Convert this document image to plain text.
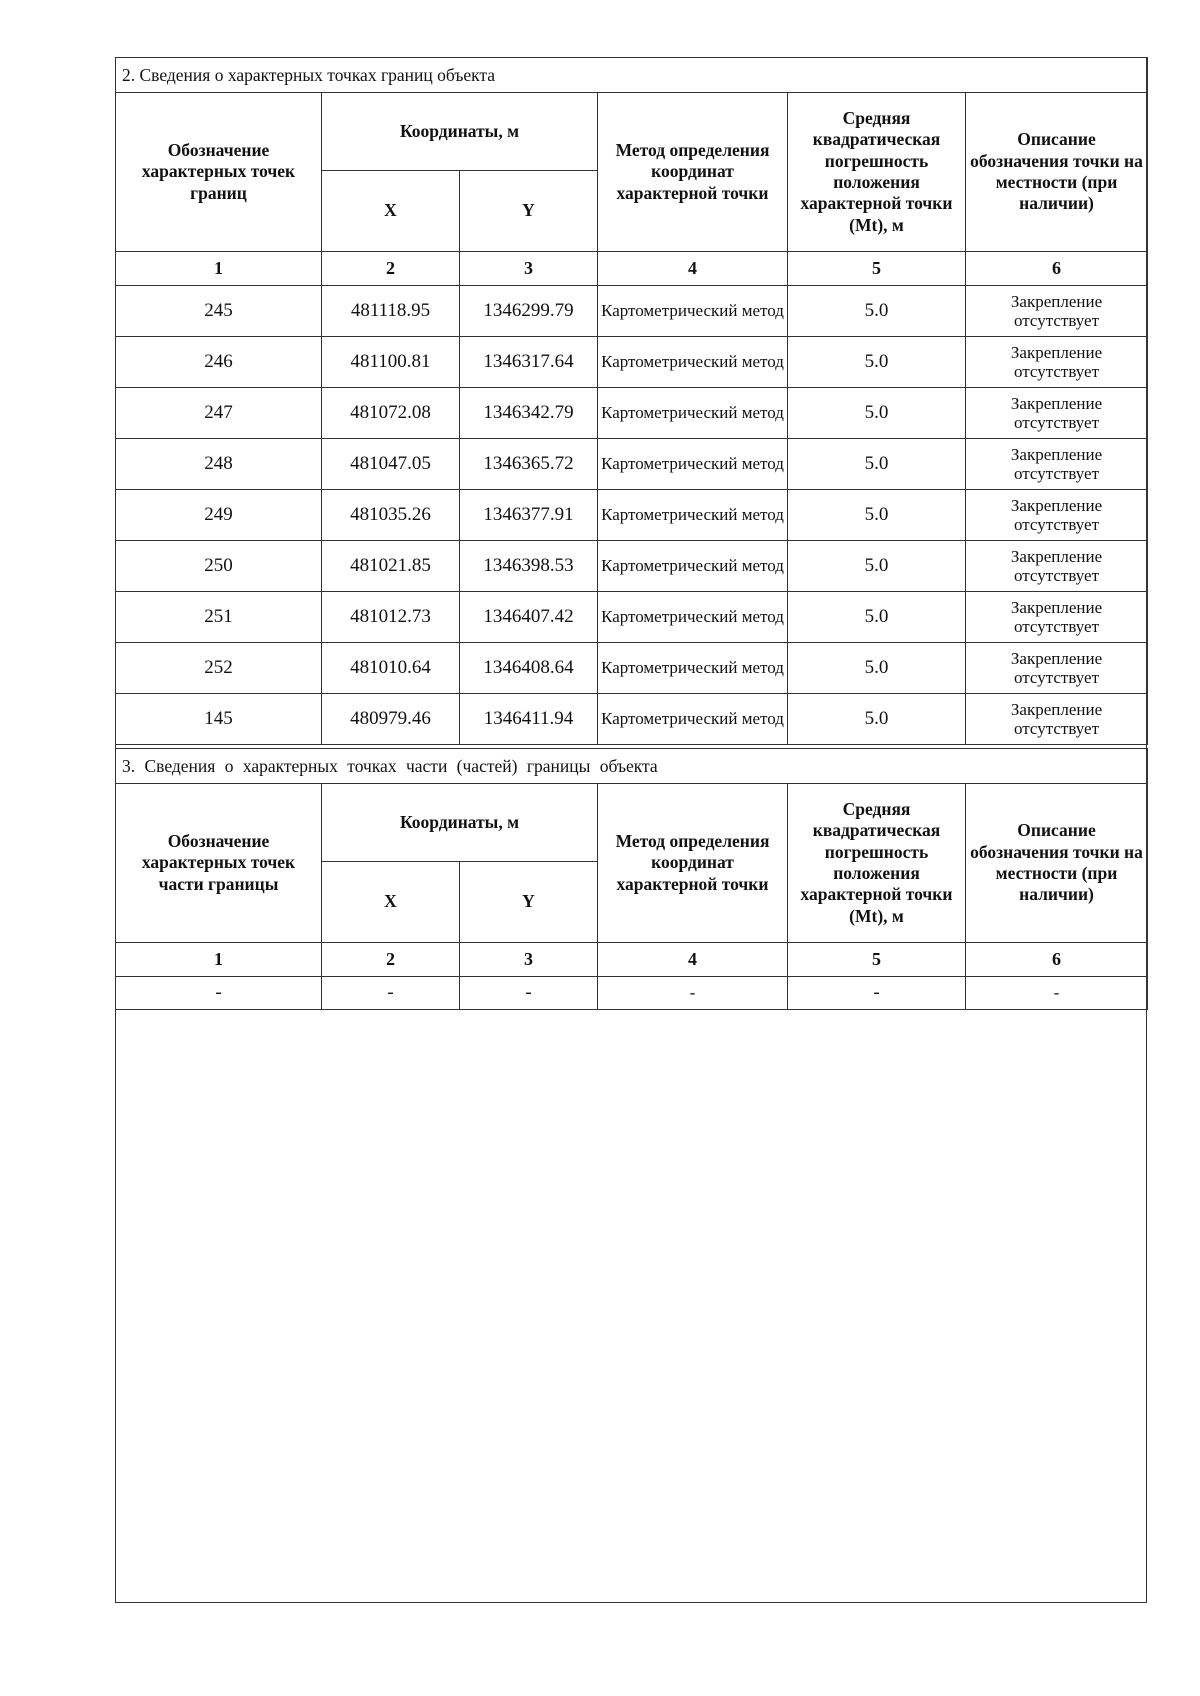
2. Сведения о характерных точках границ объекта					
Обозначение характерных точек границ	Координаты, м		Метод определения координат характерной точки	Средняя квадратическая погрешность положения характерной точки (Mt), м	Описание обозначения точки на местности (при наличии)
	X	Y			
1	2	3	4	5	6
245	481118.95	1346299.79	Картометрический метод	5.0	Закрепление отсутствует
246	481100.81	1346317.64	Картометрический метод	5.0	Закрепление отсутствует
247	481072.08	1346342.79	Картометрический метод	5.0	Закрепление отсутствует
248	481047.05	1346365.72	Картометрический метод	5.0	Закрепление отсутствует
249	481035.26	1346377.91	Картометрический метод	5.0	Закрепление отсутствует
250	481021.85	1346398.53	Картометрический метод	5.0	Закрепление отсутствует
251	481012.73	1346407.42	Картометрический метод	5.0	Закрепление отсутствует
252	481010.64	1346408.64	Картометрический метод	5.0	Закрепление отсутствует
145	480979.46	1346411.94	Картометрический метод	5.0	Закрепление отсутствует
3. Сведения о характерных точках части (частей) границы объекта					
Обозначение характерных точек части границы	Координаты, м		Метод определения координат характерной точки	Средняя квадратическая погрешность положения характерной точки (Mt), м	Описание обозначения точки на местности (при наличии)
	X	Y			
1	2	3	4	5	6
-	-	-	-	-	-
